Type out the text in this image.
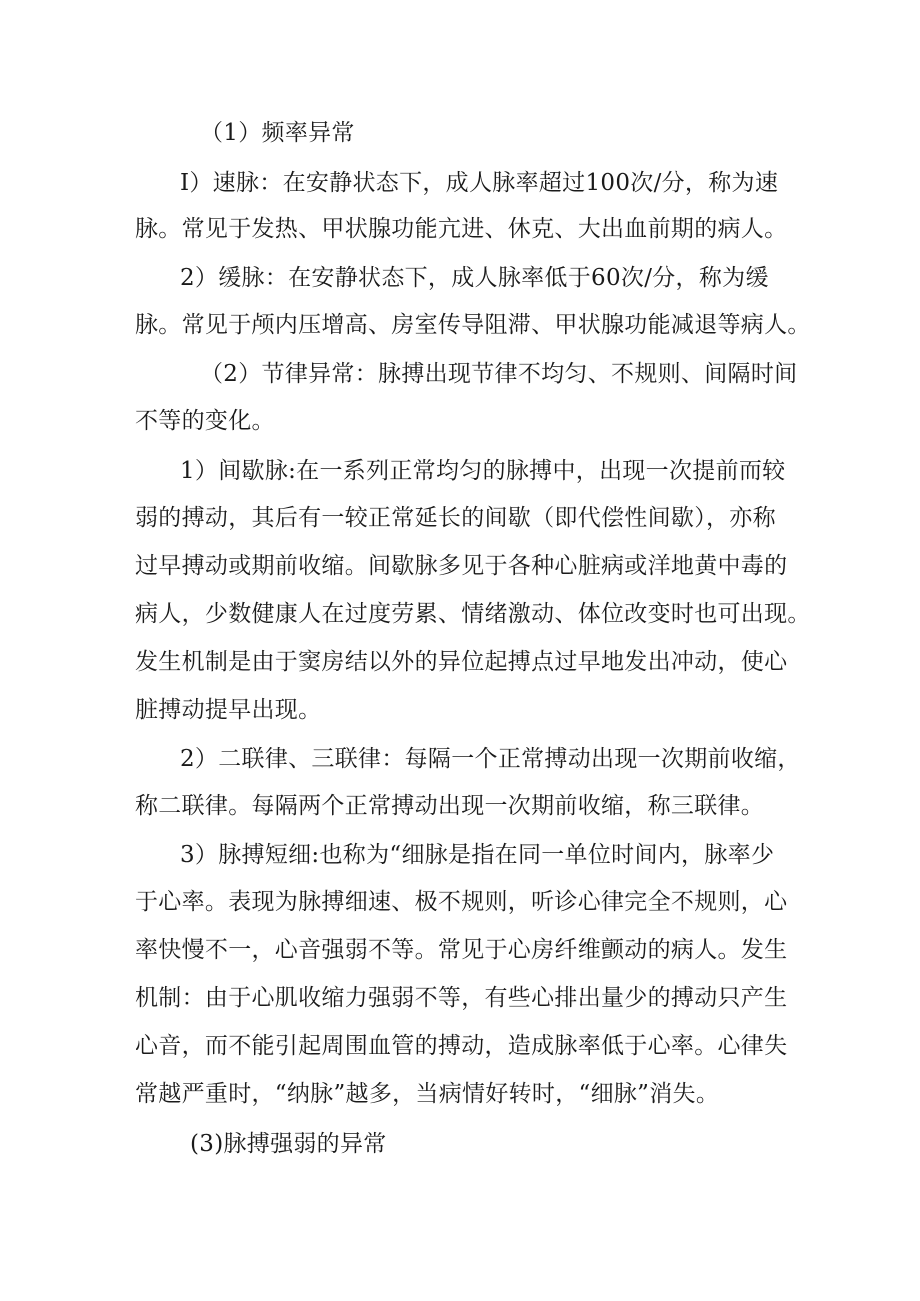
（1）频率异常
I）速脉：在安静状态下，成人脉率超过100次/分，称为速
脉。常见于发热、甲状腺功能亢进、休克、大出血前期的病人。
2）缓脉：在安静状态下，成人脉率低于60次/分，称为缓
脉。常见于颅内压增高、房室传导阻滞、甲状腺功能减退等病人。
（2）节律异常：脉搏出现节律不均匀、不规则、间隔时间
不等的变化。
1）间歇脉:在一系列正常均匀的脉搏中，出现一次提前而较
弱的搏动，其后有一较正常延长的间歇（即代偿性间歇），亦称
过早搏动或期前收缩。间歇脉多见于各种心脏病或洋地黄中毒的
病人，少数健康人在过度劳累、情绪激动、体位改变时也可出现。
发生机制是由于窦房结以外的异位起搏点过早地发出冲动，使心
脏搏动提早出现。
2）二联律、三联律：每隔一个正常搏动出现一次期前收缩，
称二联律。每隔两个正常搏动出现一次期前收缩，称三联律。
3）脉搏短细:也称为“细脉是指在同一单位时间内，脉率少
于心率。表现为脉搏细速、极不规则，听诊心律完全不规则，心
率快慢不一，心音强弱不等。常见于心房纤维颤动的病人。发生
机制：由于心肌收缩力强弱不等，有些心排出量少的搏动只产生
心音，而不能引起周围血管的搏动，造成脉率低于心率。心律失
常越严重时，“纳脉”越多，当病情好转时，“细脉”消失。
(3)脉搏强弱的异常
